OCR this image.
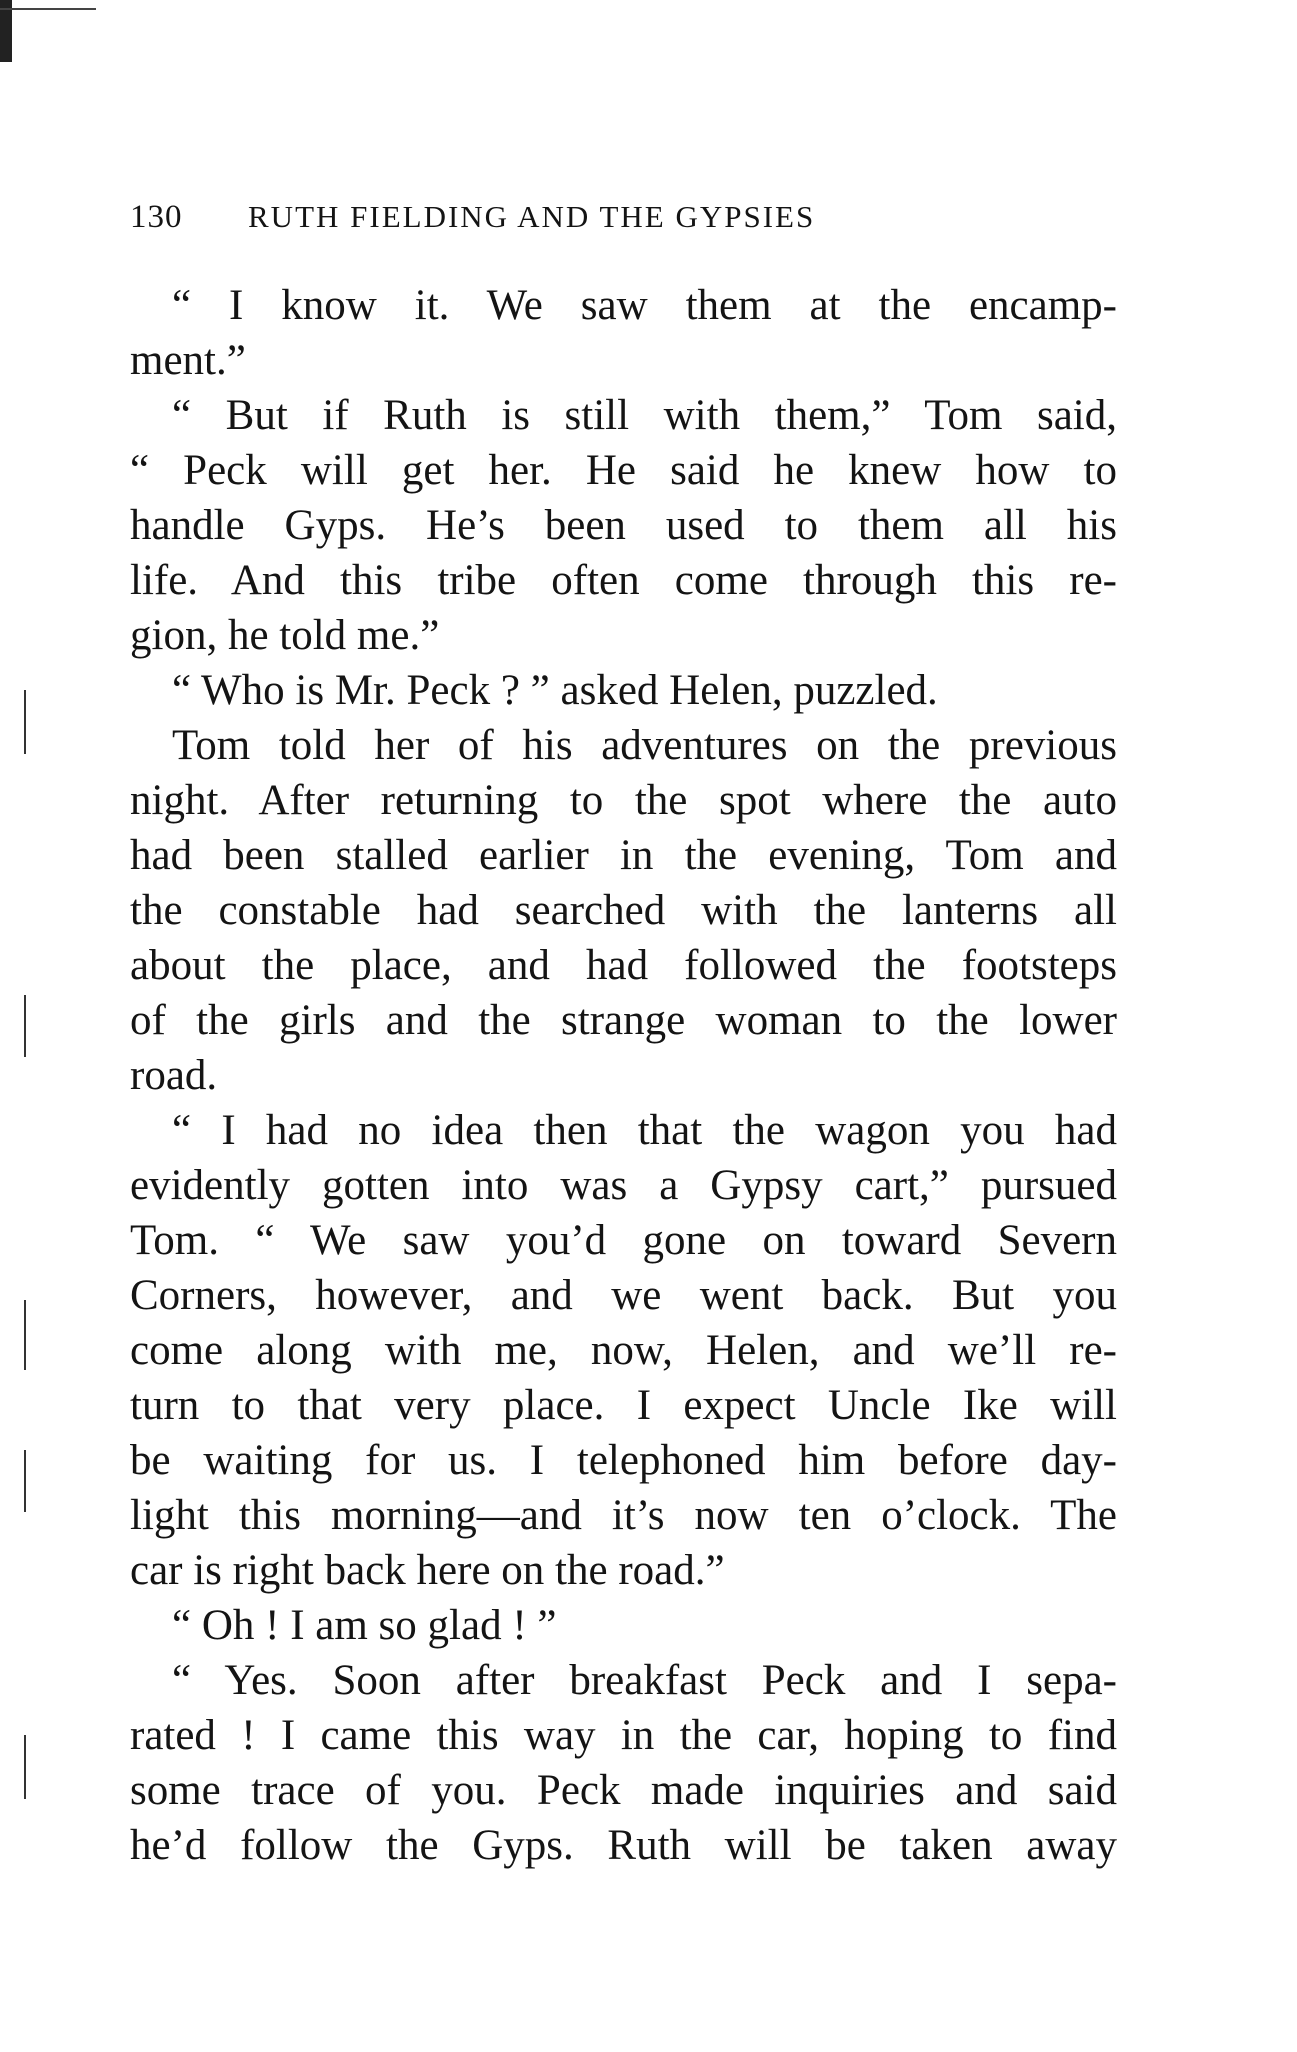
130 RUTH FIELDING AND THE GYPSIES
“ I know it. We saw them at the encamp-
ment.”
“ But if Ruth is still with them,” Tom said,
“ Peck will get her. He said he knew how to
handle Gyps. He’s been used to them all his
life. And this tribe often come through this re-
gion, he told me.”
“ Who is Mr. Peck ? ” asked Helen, puzzled.
Tom told her of his adventures on the previous
night. After returning to the spot where the auto
had been stalled earlier in the evening, Tom and
the constable had searched with the lanterns all
about the place, and had followed the footsteps
of the girls and the strange woman to the lower
road.
“ I had no idea then that the wagon you had
evidently gotten into was a Gypsy cart,” pursued
Tom. “ We saw you’d gone on toward Severn
Corners, however, and we went back. But you
come along with me, now, Helen, and we’ll re-
turn to that very place. I expect Uncle Ike will
be waiting for us. I telephoned him before day-
light this morning—and it’s now ten o’clock. The
car is right back here on the road.”
“ Oh ! I am so glad ! ”
“ Yes. Soon after breakfast Peck and I sepa-
rated ! I came this way in the car, hoping to find
some trace of you. Peck made inquiries and said
he’d follow the Gyps. Ruth will be taken away
